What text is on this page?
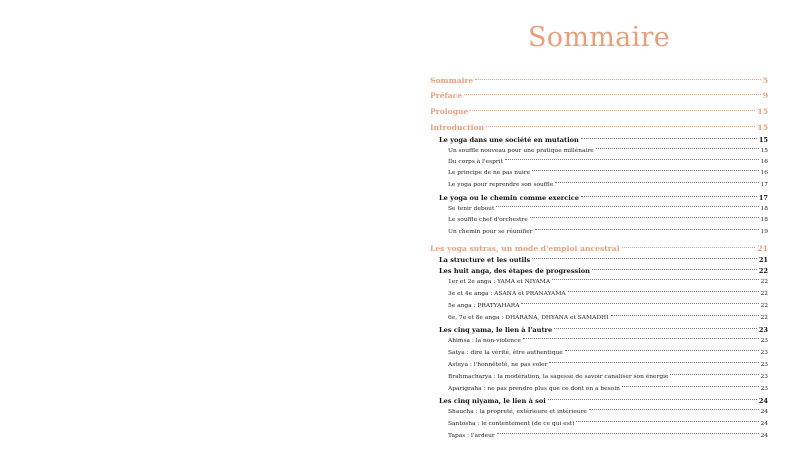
Sommaire
Sommaire	5
Préface	9
Prologue	15
Introduction	15
Le yoga dans une société en mutation	15
Un souffle nouveau pour une pratique millénaire	15
Du corps à l'esprit	16
Le principe de ne pas nuire	16
Le yoga pour reprendre son souffle	17
Le yoga ou le chemin comme exercice	17
Se tenir debout	18
Le souffle chef d'orchestre	18
Un chemin pour se réunifier	19
Les yoga sutras, un mode d'emploi ancestral	21
La structure et les outils	21
Les huit anga, des étapes de progression	22
1er et 2e anga : YAMA et NIYAMA	22
3e et 4e anga : ASANA et PRANAYAMA	22
5e anga : PRATYAHARA	22
6e, 7e et 8e anga : DHARANA, DHYANA et SAMADHI	22
Les cinq yama, le lien à l'autre	23
Ahimsa : la non-violence	23
Satya : dire la vérité, être authentique	23
Asteya : l'honnêteté, ne pas voler	23
Brahmacharya : la modération, la sagesse de savoir canaliser son énergie	23
Aparigraha : ne pas prendre plus que ce dont on a besoin	23
Les cinq niyama, le lien à soi	24
Shaucha : la propreté, extérieure et intérieure	24
Santosha : le contentement (de ce qui est)	24
Tapas : l'ardeur	24
